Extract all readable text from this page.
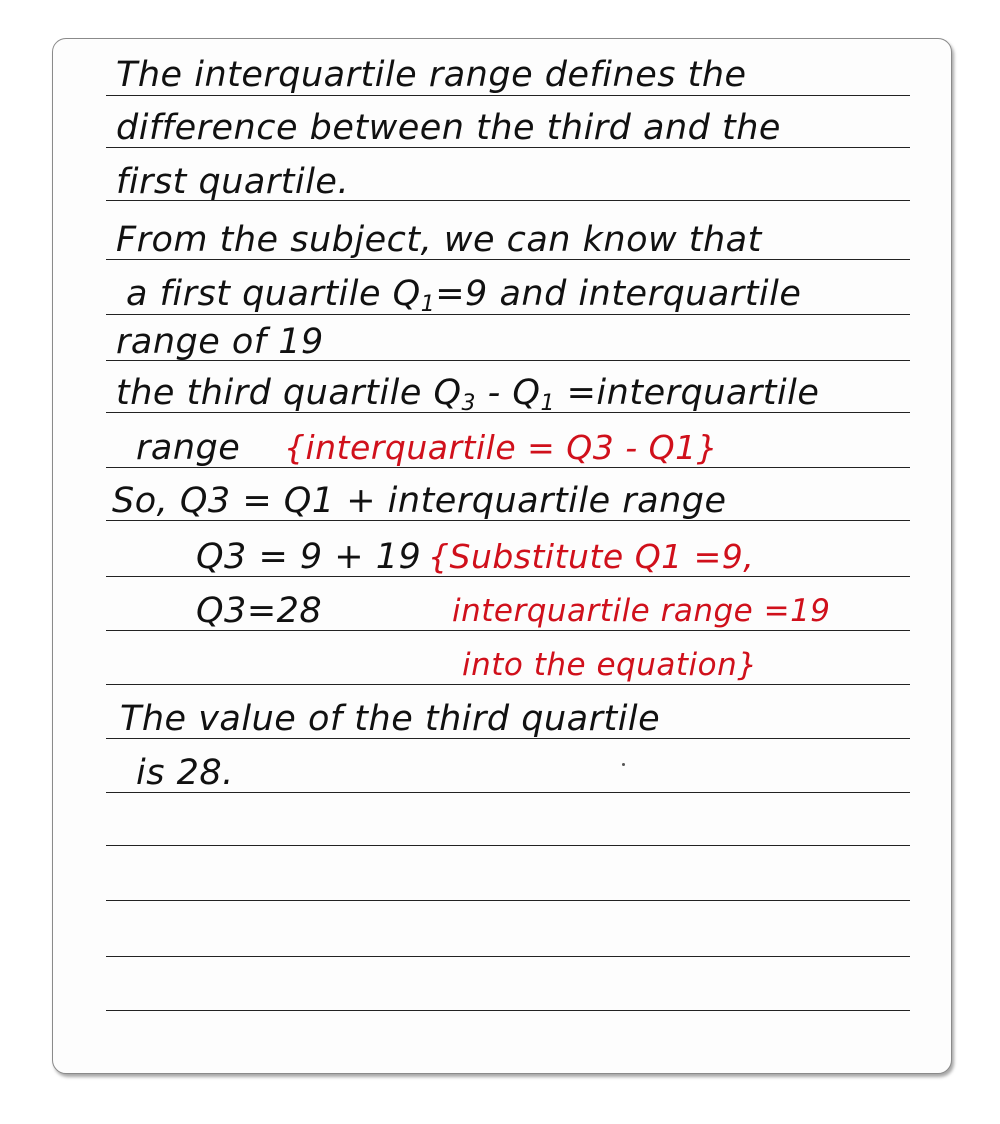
The interquartile range defines the
difference between the third and the
first quartile.
From the subject, we can know that
a first quartile $Q_1=9$ and interquartile
range of 19
the third quartile $Q_3 - Q_1$ =interquartile
range {interquartile = Q3 - Q1}
So, Q3 = Q1 + interquartile range
Q3 = 9 + 19 {Substitute Q1 =9,
Q3=28	interquartile range =19
into the equation}
The value of the third quartile
is 28.
